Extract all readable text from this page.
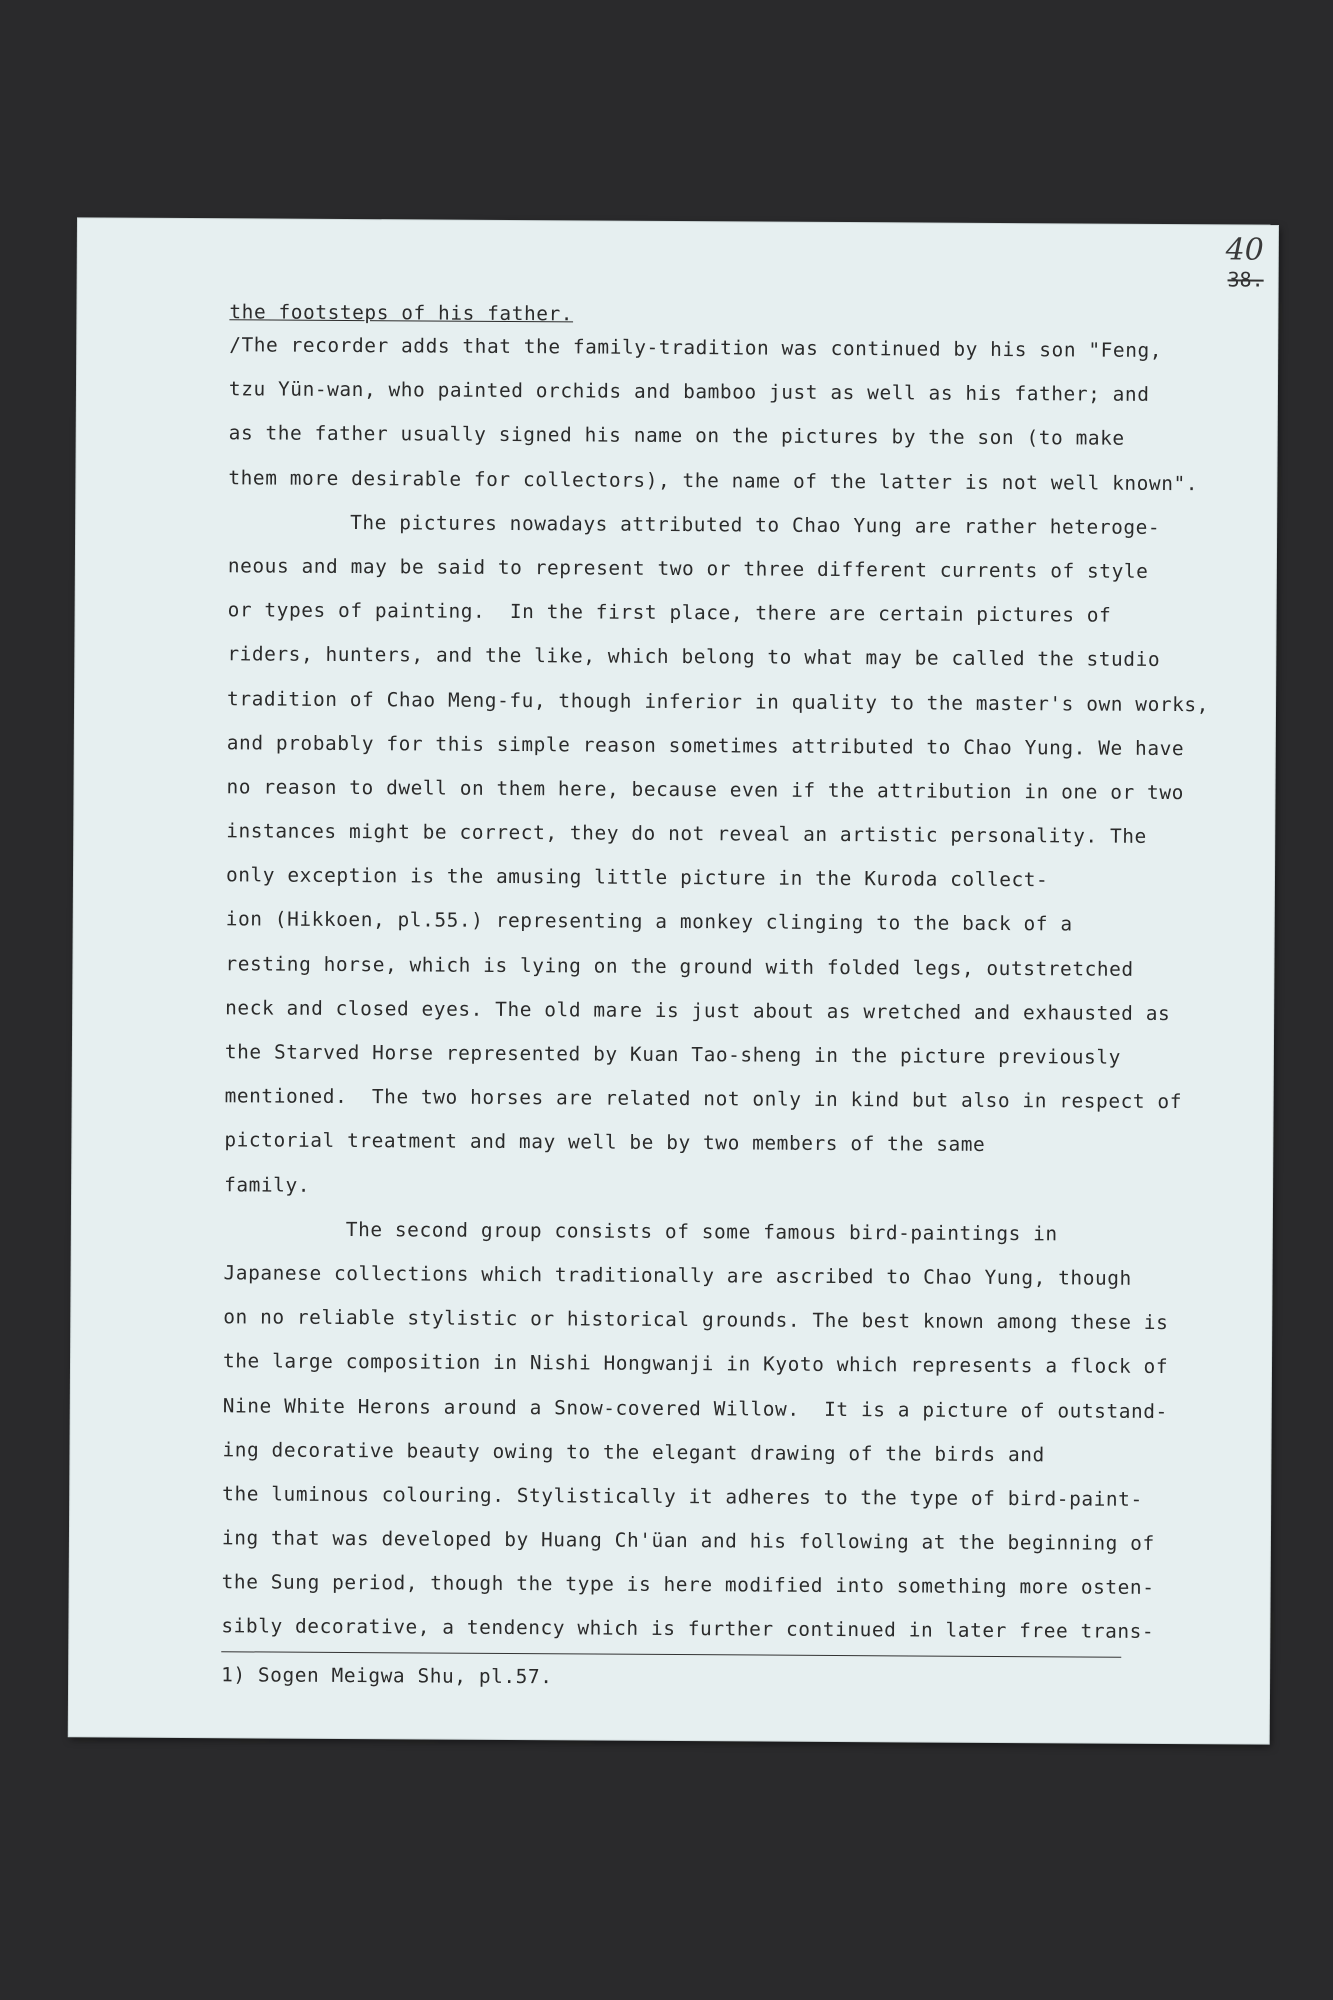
40
38.
the footsteps of his father.
/The recorder adds that the family-tradition was continued by his son "Feng,
tzu Yün-wan, who painted orchids and bamboo just as well as his father; and
as the father usually signed his name on the pictures by the son (to make
them more desirable for collectors), the name of the latter is not well known".
The pictures nowadays attributed to Chao Yung are rather heteroge-
neous and may be said to represent two or three different currents of style
or types of painting.  In the first place, there are certain pictures of
riders, hunters, and the like, which belong to what may be called the studio
tradition of Chao Meng-fu, though inferior in quality to the master's own works,
and probably for this simple reason sometimes attributed to Chao Yung. We have
no reason to dwell on them here, because even if the attribution in one or two
instances might be correct, they do not reveal an artistic personality. The
only exception is the amusing little picture in the Kuroda collect-
ion (Hikkoen, pl.55.) representing a monkey clinging to the back of a
resting horse, which is lying on the ground with folded legs, outstretched
neck and closed eyes. The old mare is just about as wretched and exhausted as
the Starved Horse represented by Kuan Tao-sheng in the picture previously
mentioned.  The two horses are related not only in kind but also in respect of
pictorial treatment and may well be by two members of the same
family.
The second group consists of some famous bird-paintings in
Japanese collections which traditionally are ascribed to Chao Yung, though
on no reliable stylistic or historical grounds. The best known among these is
the large composition in Nishi Hongwanji in Kyoto which represents a flock of
Nine White Herons around a Snow-covered Willow.  It is a picture of outstand-
ing decorative beauty owing to the elegant drawing of the birds and
the luminous colouring. Stylistically it adheres to the type of bird-paint-
ing that was developed by Huang Ch'üan and his following at the beginning of
the Sung period, though the type is here modified into something more osten-
sibly decorative, a tendency which is further continued in later free trans-
1) Sogen Meigwa Shu, pl.57.
